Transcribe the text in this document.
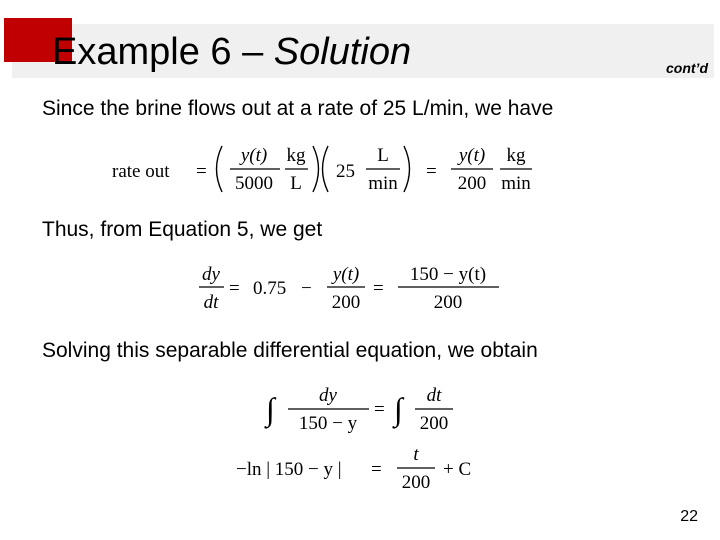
Example 6 – Solution	cont’d
Since the brine flows out at a rate of 25 L/min, we have
rate out =
y(t)
5000
kg
L
25
L
min
=
y(t)
200
kg
min
Thus, from Equation 5, we get
dy
dt
= 0.75 −
y(t)
200
=
150 − y(t)
200
Solving this separable differential equation, we obtain
∫ dy
150 − y
= ∫ dt
200
−ln | 150 − y | =
t
200
+ C
22
